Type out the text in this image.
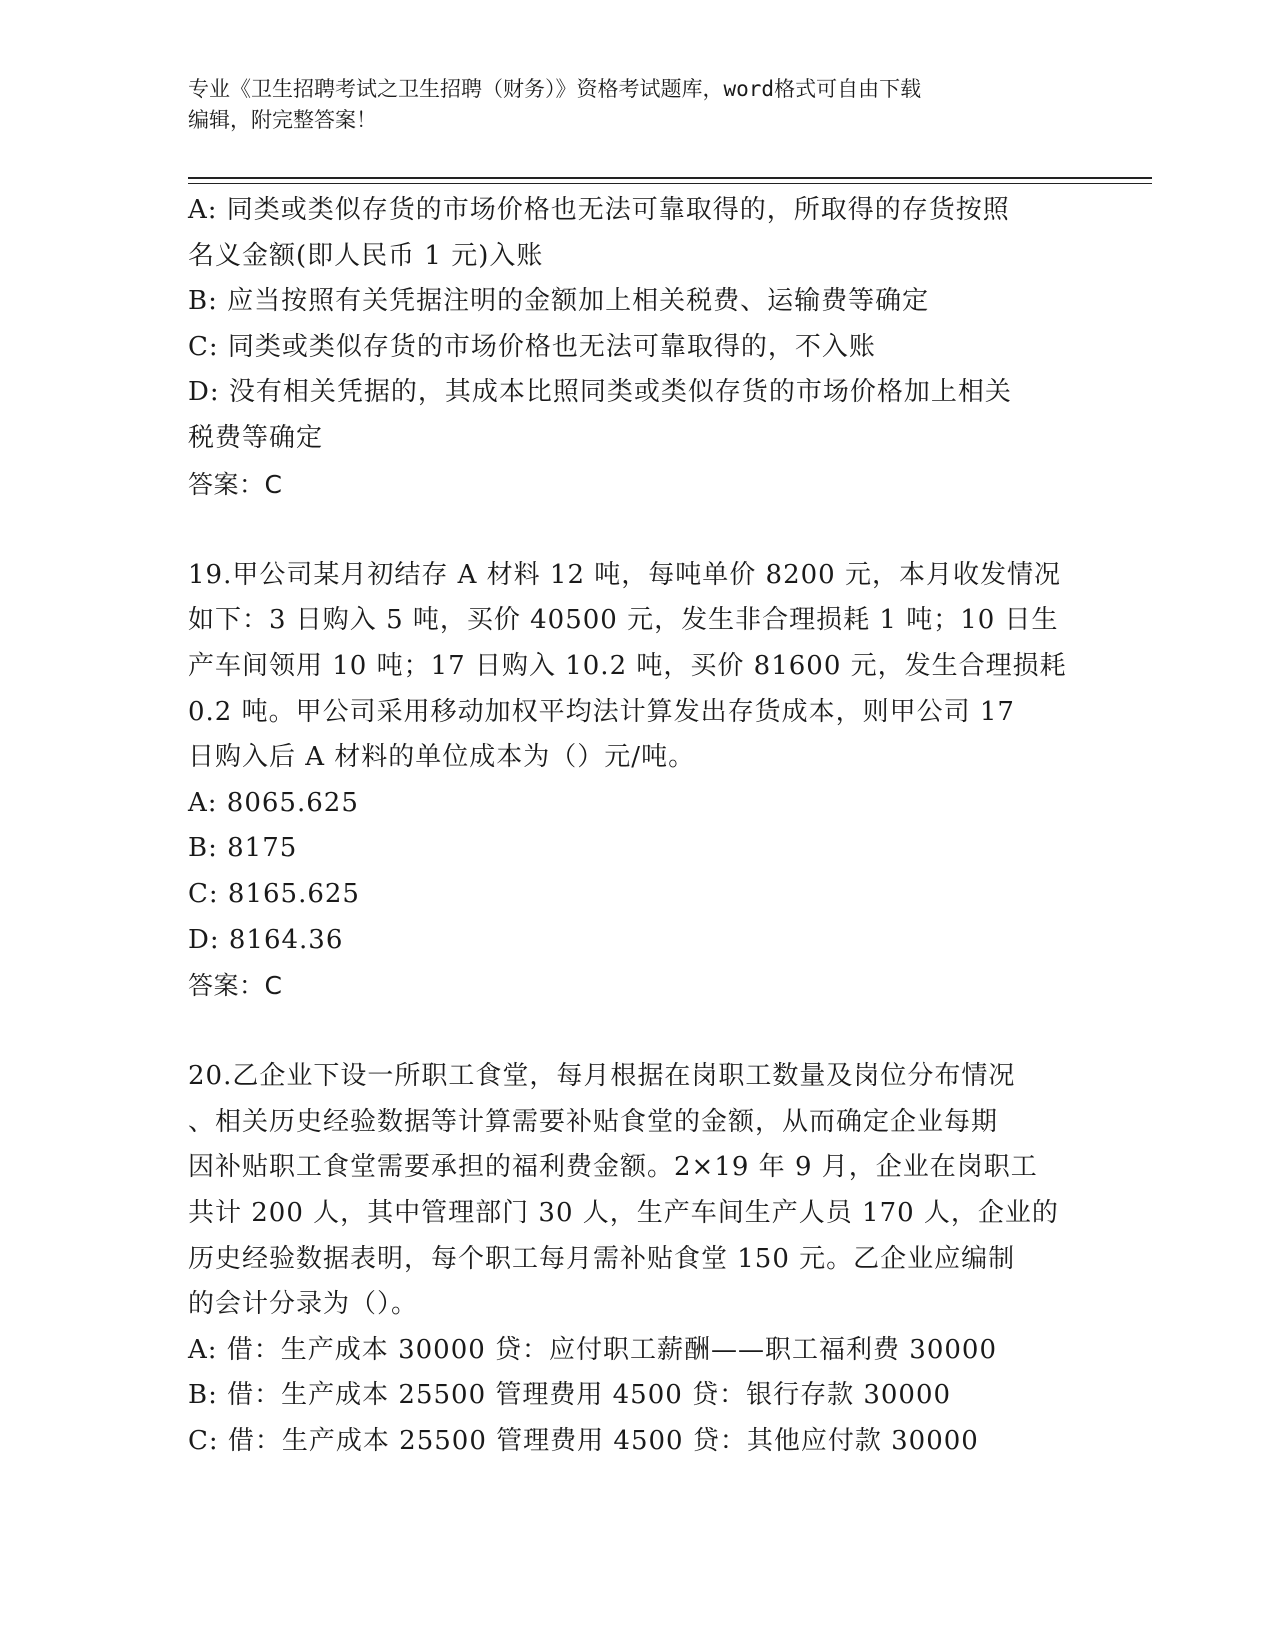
专业《卫生招聘考试之卫生招聘（财务）》资格考试题库，word格式可自由下载
编辑，附完整答案！
A: 同类或类似存货的市场价格也无法可靠取得的，所取得的存货按照
名义金额(即人民币 1 元)入账
B: 应当按照有关凭据注明的金额加上相关税费、运输费等确定
C: 同类或类似存货的市场价格也无法可靠取得的，不入账
D: 没有相关凭据的，其成本比照同类或类似存货的市场价格加上相关
税费等确定
答案：C
19.甲公司某月初结存 A 材料 12 吨，每吨单价 8200 元，本月收发情况
如下：3 日购入 5 吨，买价 40500 元，发生非合理损耗 1 吨；10 日生
产车间领用 10 吨；17 日购入 10.2 吨，买价 81600 元，发生合理损耗
0.2 吨。甲公司采用移动加权平均法计算发出存货成本，则甲公司 17
日购入后 A 材料的单位成本为（）元/吨。
A: 8065.625
B: 8175
C: 8165.625
D: 8164.36
答案：C
20.乙企业下设一所职工食堂，每月根据在岗职工数量及岗位分布情况
、相关历史经验数据等计算需要补贴食堂的金额，从而确定企业每期
因补贴职工食堂需要承担的福利费金额。2×19 年 9 月，企业在岗职工
共计 200 人，其中管理部门 30 人，生产车间生产人员 170 人，企业的
历史经验数据表明，每个职工每月需补贴食堂 150 元。乙企业应编制
的会计分录为（）。
A: 借：生产成本 30000 贷：应付职工薪酬——职工福利费 30000
B: 借：生产成本 25500 管理费用 4500 贷：银行存款 30000
C: 借：生产成本 25500 管理费用 4500 贷：其他应付款 30000
